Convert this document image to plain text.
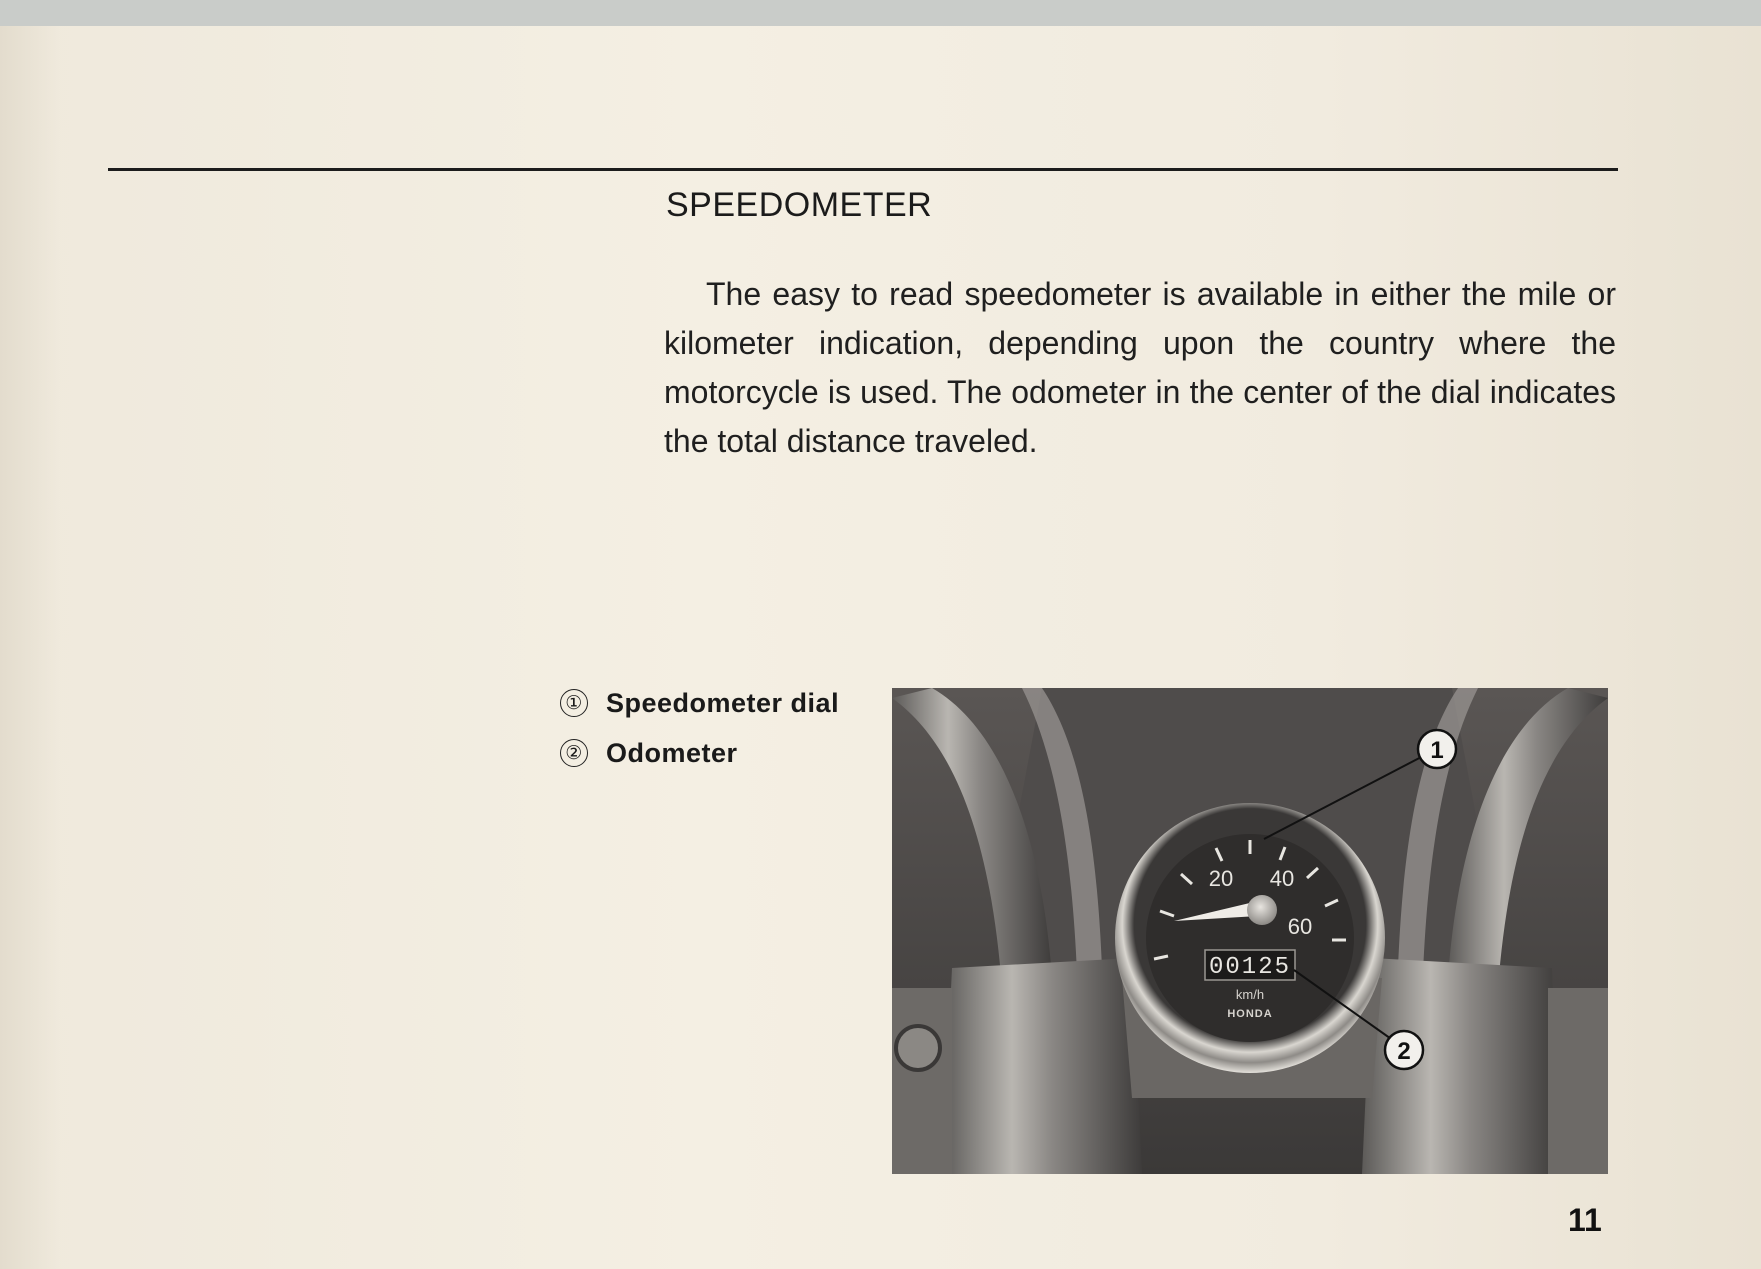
SPEEDOMETER
The easy to read speedometer is available in either the mile or kilometer indication, depending upon the country where the motorcycle is used. The odometer in the center of the dial indicates the total distance traveled.
① Speedometer dial
② Odometer
20 40
60
00125
km/h
HONDA
1
2
11
